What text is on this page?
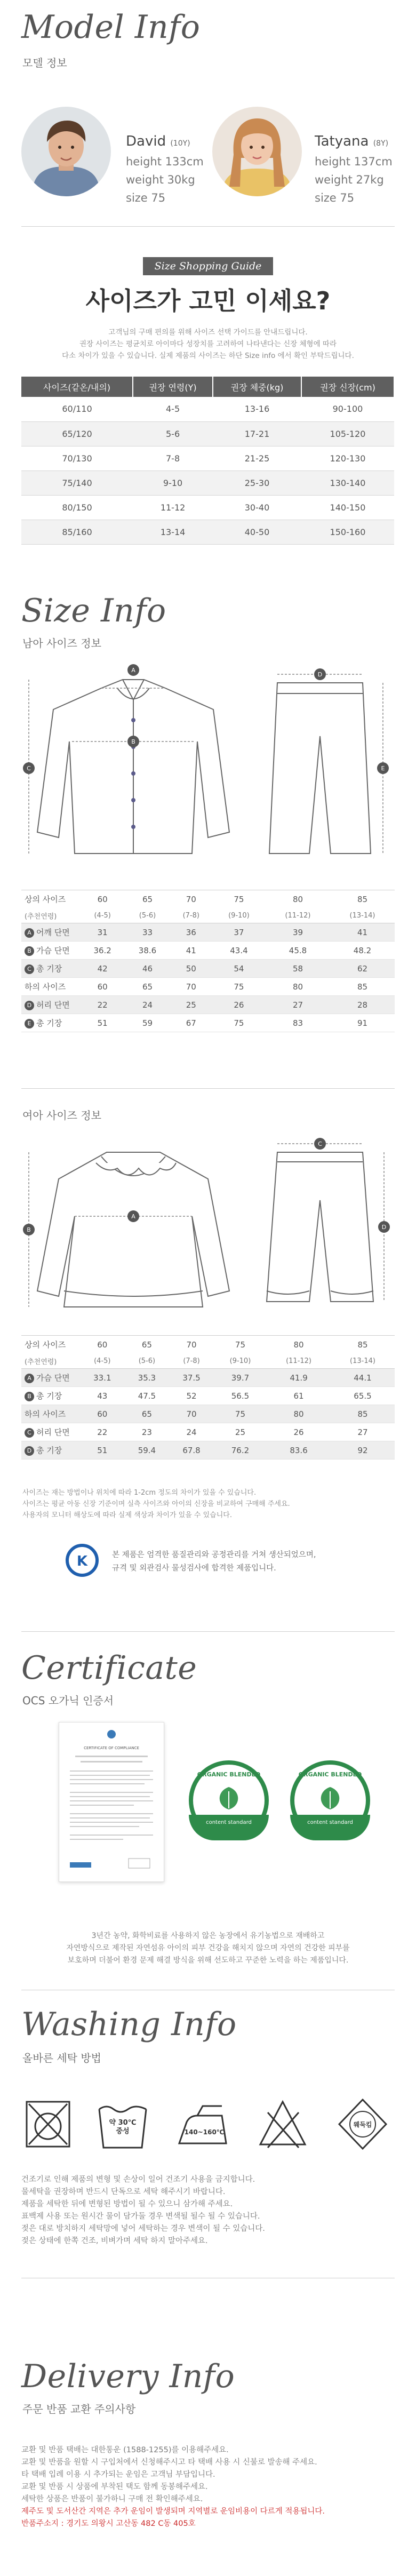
Model Info
모델 정보
David (10Y)
height 133cm
weight 30kg
size 75
Tatyana (8Y)
height 137cm
weight 27kg
size 75
Size Shopping Guide
사이즈가 고민 이세요?
고객님의 구매 편의를 위해 사이즈 선택 가이드를 안내드립니다.
권장 사이즈는 평균치로 아이마다 성장치를 고려하여 나타낸다는 신장 체형에 따라
다소 차이가 있을 수 있습니다. 실제 제품의 사이즈는 하단 Size info 에서 확인 부탁드립니다.
사이즈(같온/내의)	권장 연령(Y)	권장 체중(kg)	권장 신장(cm)
60/110	4-5	13-16	90-100
65/120	5-6	17-21	105-120
70/130	7-8	21-25	120-130
75/140	9-10	25-30	130-140
80/150	11-12	30-40	140-150
85/160	13-14	40-50	150-160
Size Info
남아 사이즈 정보
A
B
C
D
E
상의 사이즈	60	65	70	75	80	85
(추천연령)	(4-5)	(5-6)	(7-8)	(9-10)	(11-12)	(13-14)
A 어깨 단면	31	33	36	37	39	41
B 가슴 단면	36.2	38.6	41	43.4	45.8	48.2
C 총 기장	42	46	50	54	58	62
하의 사이즈	60	65	70	75	80	85
D 허리 단면	22	24	25	26	27	28
E 총 기장	51	59	67	75	83	91
여아 사이즈 정보
A
B
C
D
상의 사이즈	60	65	70	75	80	85
(추천연령)	(4-5)	(5-6)	(7-8)	(9-10)	(11-12)	(13-14)
A 가슴 단면	33.1	35.3	37.5	39.7	41.9	44.1
B 총 기장	43	47.5	52	56.5	61	65.5
하의 사이즈	60	65	70	75	80	85
C 허리 단면	22	23	24	25	26	27
D 총 기장	51	59.4	67.8	76.2	83.6	92
사이즈는 재는 방법이나 위치에 따라 1-2cm 정도의 차이가 있을 수 있습니다.
사이즈는 평균 아동 신장 기준이며 실측 사이즈와 아이의 신장을 비교하여 구매해 주세요.
사용자의 모니터 해상도에 따라 실제 색상과 차이가 있을 수 있습니다.
K	본 제품은 엄격한 품질관리와 공정관리를 거쳐 생산되었으며,
규격 및 외관검사 물성검사에 합격한 제품입니다.
Certificate
OCS 오가닉 인증서
CERTIFICATE OF COMPLIANCE
ORGANIC BLENDED
content standard
ORGANIC BLENDED
content standard
3년간 농약, 화학비료를 사용하지 않은 농장에서 유기농법으로 재배하고
자연방식으로 제작된 자연섬유 아이의 피부 건강을 해치지 않으며 자연의 건강한 피부를
보호하며 더불어 환경 문제 해결 방식을 위해 선도하고 꾸준한 노력을 하는 제품입니다.
Washing Info
올바른 세탁 방법
약 30℃ 중성	140~160℃
웨둑킴
건조기로 인해 제품의 변형 및 손상이 일어 건조기 사용을 금지합니다.
물세탁을 권장하며 반드시 단독으로 세탁 해주시기 바랍니다.
제품을 세탁한 뒤에 변형된 방법이 될 수 있으니 삼가해 주세요.
표백제 사용 또는 원시간 물이 담가둘 경우 변색될 될수 될 수 있습니다.
젖은 대로 방치하지 세탁망에 넣어 세탁하는 경우 변색이 될 수 있습니다.
젖은 상태에 한쪽 건조, 비벼가며 세탁 하지 말아주세요.
Delivery Info
주문 반품 교환 주의사항
교환 및 반품 택배는 대한통운 (1588-1255)를 이용해주세요.
교환 및 반품을 원할 시 구입처에서 신청해주시고 타 택배 사용 시 신불로 발송해 주세요.
타 택배 입례 이용 시 추가되는 운임은 고객님 부담입니다.
교환 및 반품 시 상품에 부착된 택도 함께 동봉해주세요.
세탁한 상품은 반품이 불가하니 구매 전 확인해주세요.
제주도 및 도서산간 지역은 추가 운임이 발생되며 지역별로 운임비용이 다르게 적용됩니다.
반품주소지 : 경기도 의왕시 고산동 482 C동 405호
